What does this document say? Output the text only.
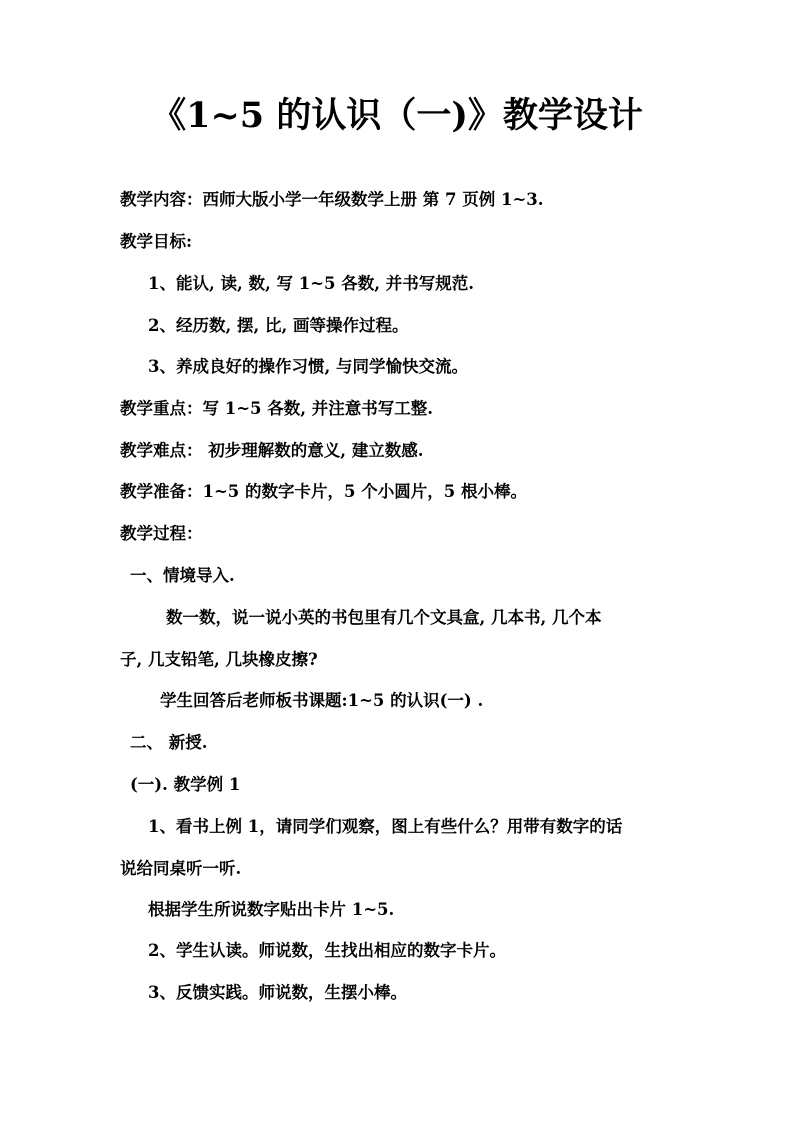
《1~5 的认识（一)》教学设计

教学内容：西师大版小学一年级数学上册 第 7 页例 1~3.

教学目标:

1、能认, 读, 数, 写 1~5 各数, 并书写规范.

2、经历数, 摆, 比, 画等操作过程。

3、养成良好的操作习惯, 与同学愉快交流。

教学重点：写 1~5 各数, 并注意书写工整.

教学难点： 初步理解数的意义, 建立数感.

教学准备：1~5 的数字卡片，5 个小圆片，5 根小棒。

教学过程：

一、情境导入.

数一数，说一说小英的书包里有几个文具盒, 几本书, 几个本

子, 几支铅笔, 几块橡皮擦?

学生回答后老师板书课题:1~5 的认识(一) .

二、 新授.

(一). 教学例 1

1、看书上例 1，请同学们观察，图上有些什么？用带有数字的话

说给同桌听一听.

根据学生所说数字贴出卡片 1~5.

2、学生认读。师说数，生找出相应的数字卡片。

3、反馈实践。师说数，生摆小棒。
